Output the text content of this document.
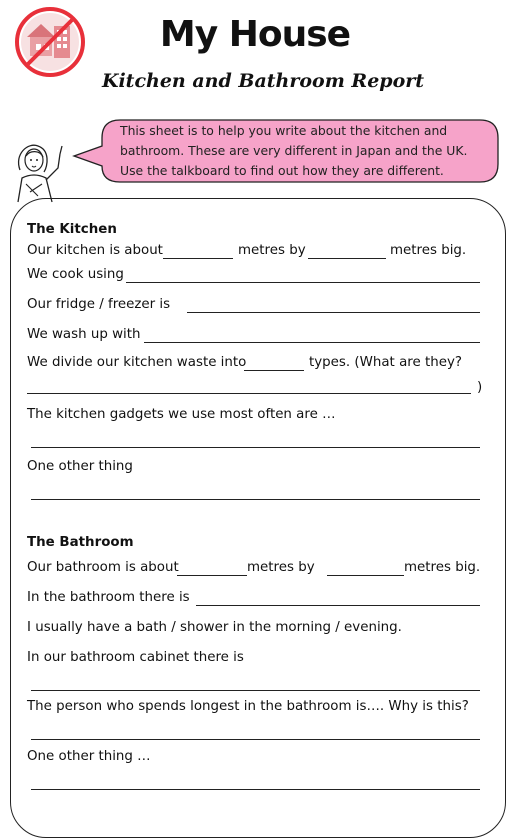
My House
Kitchen and Bathroom Report
This sheet is to help you write about the kitchen and bathroom. These are very different in Japan and the UK. Use the talkboard to find out how they are different.
The Kitchen
Our kitchen is about	metres by	metres big.
We cook using
Our fridge / freezer is
We wash up with
We divide our kitchen waste into	types. (What are they?
)
The kitchen gadgets we use most often are …
One other thing
The Bathroom
Our bathroom is about	metres by	metres big.
In the bathroom there is
I usually have a bath / shower in the morning / evening.
In our bathroom cabinet there is
The person who spends longest in the bathroom is…. Why is this?
One other thing …
